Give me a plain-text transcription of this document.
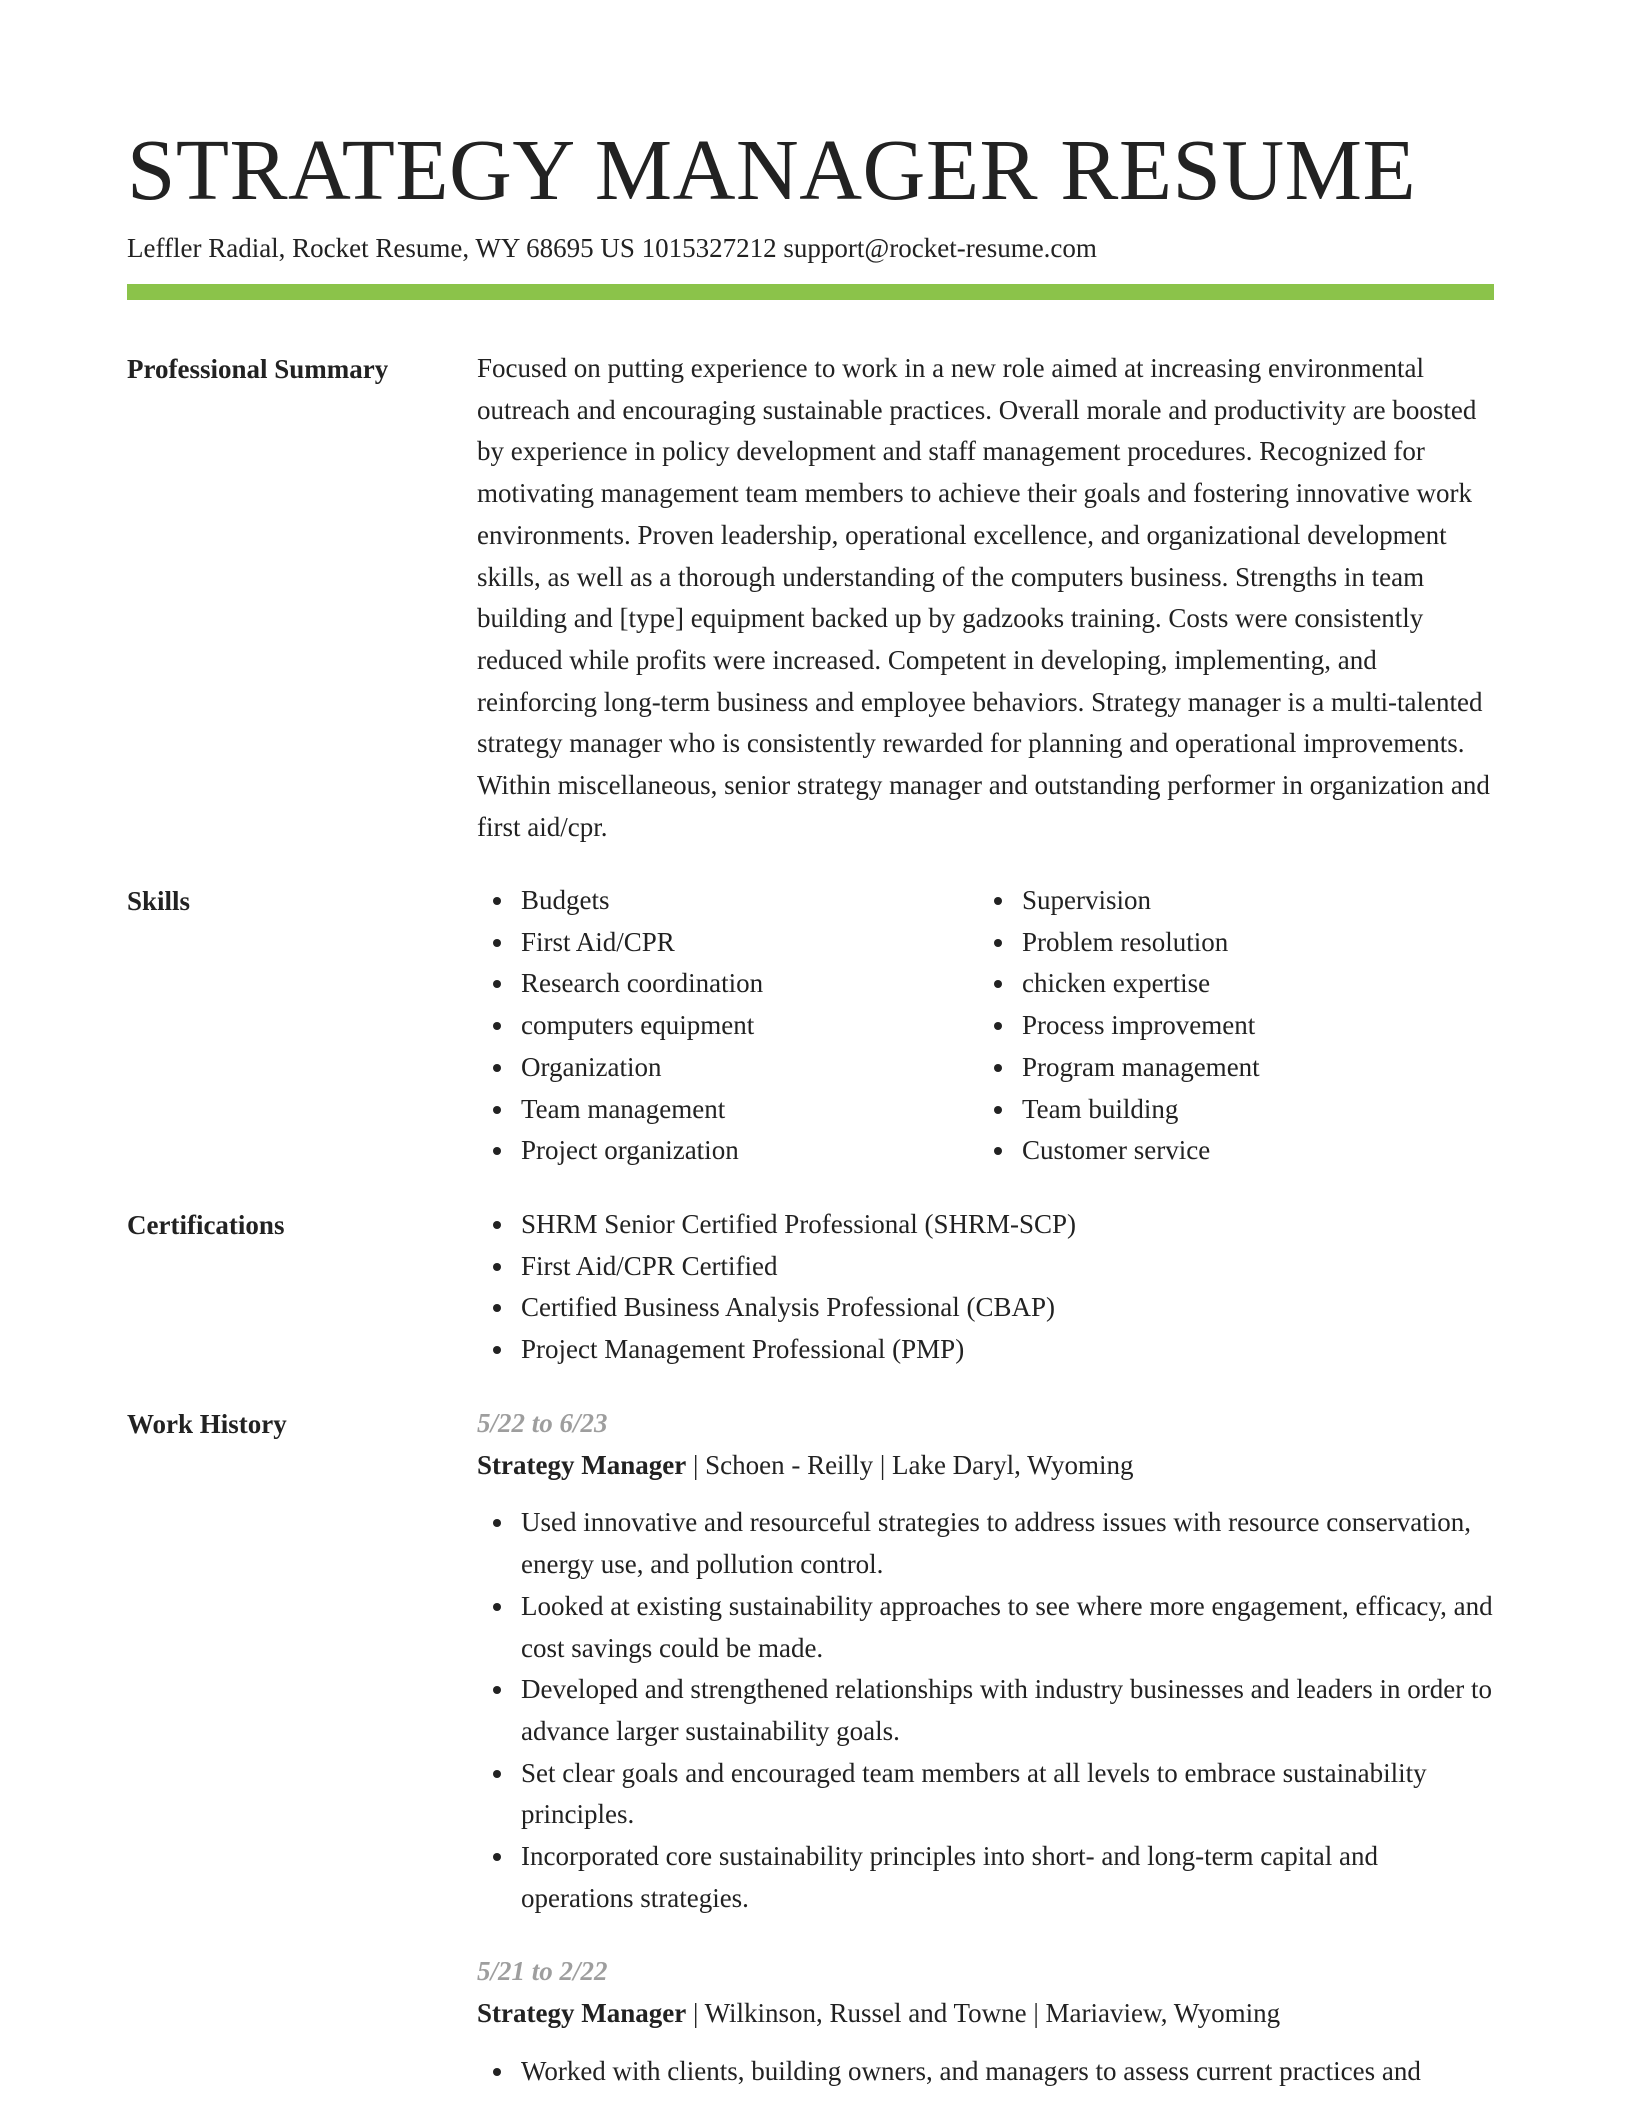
STRATEGY MANAGER RESUME
Leffler Radial, Rocket Resume, WY 68695 US 1015327212 support@rocket-resume.com
Professional Summary	Focused on putting experience to work in a new role aimed at increasing environmental outreach and encouraging sustainable practices. Overall morale and productivity are boosted by experience in policy development and staff management procedures. Recognized for motivating management team members to achieve their goals and fostering innovative work environments. Proven leadership, operational excellence, and organizational development skills, as well as a thorough understanding of the computers business. Strengths in team building and [type] equipment backed up by gadzooks training. Costs were consistently reduced while profits were increased. Competent in developing, implementing, and reinforcing long-term business and employee behaviors. Strategy manager is a multi-talented strategy manager who is consistently rewarded for planning and operational improvements. Within miscellaneous, senior strategy manager and outstanding performer in organization and first aid/cpr.

Skills	Budgets
First Aid/CPR
Research coordination
computers equipment
Organization
Team management
Project organization
Supervision
Problem resolution
chicken expertise
Process improvement
Program management
Team building
Customer service
Certifications	SHRM Senior Certified Professional (SHRM-SCP)
First Aid/CPR Certified
Certified Business Analysis Professional (CBAP)
Project Management Professional (PMP)
Work History	5/22 to 6/23
Strategy Manager | Schoen - Reilly | Lake Daryl, Wyoming
Used innovative and resourceful strategies to address issues with resource conservation, energy use, and pollution control.
Looked at existing sustainability approaches to see where more engagement, efficacy, and cost savings could be made.
Developed and strengthened relationships with industry businesses and leaders in order to advance larger sustainability goals.
Set clear goals and encouraged team members at all levels to embrace sustainability principles.
Incorporated core sustainability principles into short- and long-term capital and operations strategies.
5/21 to 2/22
Strategy Manager | Wilkinson, Russel and Towne | Mariaview, Wyoming
Worked with clients, building owners, and managers to assess current practices and
